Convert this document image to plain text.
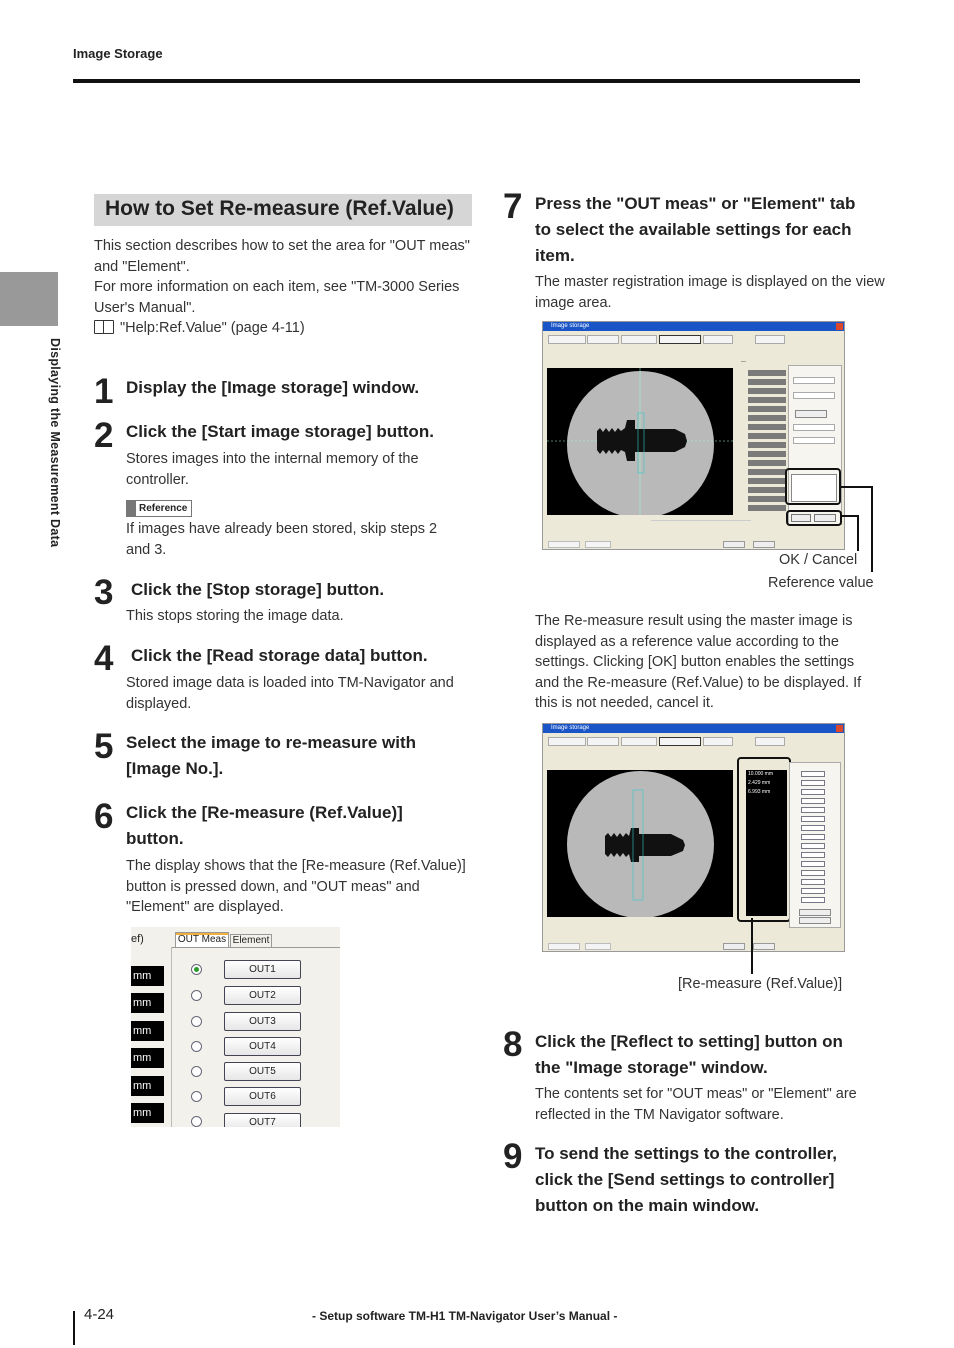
Image Storage
Displaying the Measurement Data
How to Set Re-measure (Ref.Value)
This section describes how to set the area for "OUT meas"
and "Element".
For more information on each item, see "TM-3000 Series
User's Manual".
"Help:Ref.Value" (page 4-11)
1 Display the [Image storage] window.
2 Click the [Start image storage] button.
Stores images into the internal memory of the
controller.
Reference
If images have already been stored, skip steps 2
and 3.
3 Click the [Stop storage] button.
This stops storing the image data.
4 Click the [Read storage data] button.
Stored image data is loaded into TM-Navigator and
displayed.
5 Select the image to re-measure with
[Image No.].
6 Click the [Re-measure (Ref.Value)]
button.
The display shows that the [Re-measure (Ref.Value)]
button is pressed down, and "OUT meas" and
"Element" are displayed.
ef)	OUT Meas Element
mm
mm
mm
mm
mm
mm
OUT1
OUT2
OUT3
OUT4
OUT5
OUT6
OUT7
7 Press the "OUT meas" or "Element" tab
to select the available settings for each
item.
The master registration image is displayed on the view
image area.
Image storage
—
OK / Cancel
Reference value
The Re-measure result using the master image is
displayed as a reference value according to the
settings. Clicking [OK] button enables the settings
and the Re-measure (Ref.Value) to be displayed. If
this is not needed, cancel it.
Image storage
10.000 mm
2.429 mm
6.993 mm
[Re-measure (Ref.Value)]
8 Click the [Reflect to setting] button on
the "Image storage" window.
The contents set for "OUT meas" or "Element" are
reflected in the TM Navigator software.
9 To send the settings to the controller,
click the [Send settings to controller]
button on the main window.
4-24	- Setup software TM-H1 TM-Navigator User’s Manual -
